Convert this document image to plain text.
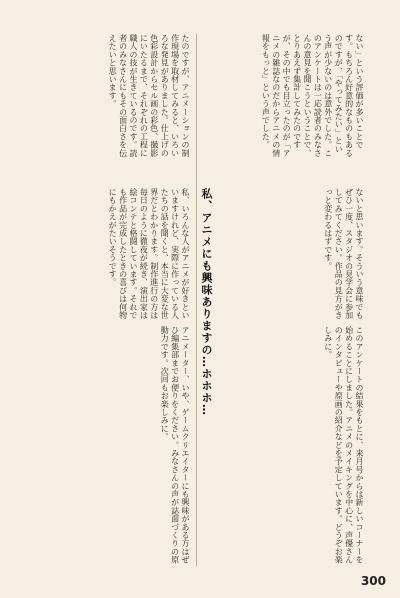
ない」という評価が多いことです。もちろん好意的なものもあるのですが、「やってみたい」という声が少ないのは意外でした。このアンケートは一応読者のみなさんの意見を聞こうということで、とりあえず集計してみたのですが、その中でも目立ったのが「アニメの雑誌なのだからアニメの情報をもっと」という声でした。
たのですが、アニメーションの制作現場を取材してみると、いろいろな発見がありました。仕上げの色彩設計からセル画の彩色、撮影にいたるまで、それぞれの工程に職人の技が生きているのです。読者のみなさんにもその面白さを伝えたいと思います。
ないと思います。そういう意味でもぜひ一度、スタジオの見学会に参加してみてください。作品の見方がきっと変わるはずです。
私、アニメにも興味ありますの…ホホホ…
私、いろんな人がアニメが好きといいますけれど、実際に作っている人たちの話を聞くと、本当に大変な世界だとわかります。制作進行の方は毎日のように徹夜が続き、演出家は絵コンテと格闘しています。それでも作品が完成したときの喜びは何物にもかえがたいそうです。
このアンケートの結果をもとに、来月号からは新しいコーナーを始めることにしました。アニメのメイキングを中心に、声優さんのインタビューや原画の紹介などを予定しています。どうぞお楽しみに。
アニメーター、いや、ゲームクリエイターにも興味がある方はぜひ編集部までお便りをください。みなさんの声が誌面づくりの原動力です。次回もお楽しみに。
300
